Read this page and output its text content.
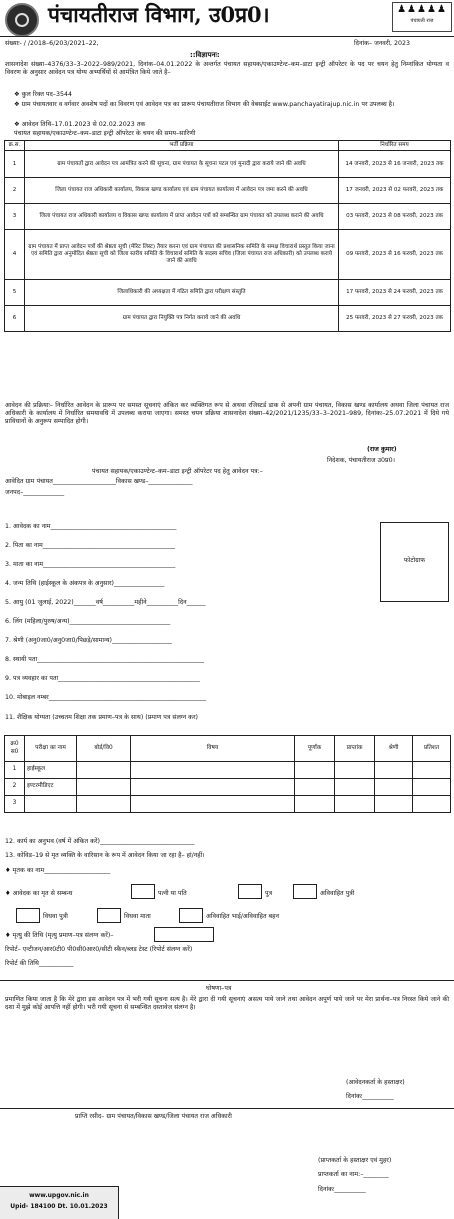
पंचायतीराज विभाग, उ0प्र0।	♟♟♟♟♟
पंचायती राज
संख्याः- / /2018–6/203/2021–22,	दिनांक– जनवरी, 2023
::विज्ञापनः:
शासनादेश संख्या–4376/33–3–2022–989/2021, दिनांक–04.01.2022 के अन्तर्गत पंचायत सहायक/एकाउण्टेन्ट–कम–डाटा इन्ट्री ऑपरेटर के पद पर चयन हेतु निम्नांकित योग्यता व विवरण के अनुसार आवेदन पत्र योग्य अभ्यर्थियों से आमंत्रित किये जाते है–
❖ कुल रिक्त पद–3544
❖ ग्राम पंचायतवार व वर्गवार अवशेष पदों का विवरण एवं आवेदन पत्र का प्रारूप पंचायतीराज विभाग की वेबसाईट www.panchayatirajup.nic.in पर उपलब्ध है।
❖ आवेदन तिथि–17.01.2023 से 02.02.2023 तक
पंचायत सहायक/एकाउण्टेन्ट–कम–डाटा इन्ट्री ऑपरेटर के चयन की समय–सारिणी
क्र.स.	भर्ती प्रक्रिया	निर्धारित समय
1	ग्राम पंचायतों द्वारा आवेदन पत्र आमंत्रित करने की सूचना, ग्राम पंचायत के सूचना पटल एवं मुनादी द्वारा कराये जाने की अवधि	14 जनवरी, 2023 से 16 जनवरी, 2023 तक
2	जिला पंचायत राज अधिकारी कार्यालय, विकास खण्ड कार्यालय एवं ग्राम पंचायत कार्यालय में आवेदन पत्र जमा करने की अवधि	17 जनवरी, 2023 से 02 फरवरी, 2023 तक
3	जिला पंचायत राज अधिकारी कार्यालय व विकास खण्ड कार्यालय में प्राप्त आवेदन पत्रों को सम्बन्धित ग्राम पंचायत को उपलब्ध कराने की अवधि	03 फरवरी, 2023 से 08 फरवरी, 2023 तक
4	ग्राम पंचायत में प्राप्त आवेदन पत्रों की श्रेष्ठता सूची (मेरिट लिस्ट) तैयार करना एवं ग्राम पंचायत की प्रशासनिक समिति के समक्ष विचारार्थ प्रस्तुत किया जाना एवं समिति द्वारा अनुमोदित श्रेष्ठता सूची को जिला स्तरीय समिति के विचारार्थ समिति के सदस्य सचिव (जिला पंचायत राज अधिकारी) को उपलब्ध कराये जाने की अवधि	09 फरवरी, 2023 से 16 फरवरी, 2023 तक
5	जिलाधिकारी की अध्यक्षता में गठित समिति द्वारा परीक्षण संस्तुति	17 फरवरी, 2023 से 24 फरवरी, 2023 तक
6	ग्राम पंचायत द्वारा नियुक्ति पत्र निर्गत कराये जाने की अवधि	25 फरवरी, 2023 से 27 फरवरी, 2023 तक
आवेदन की प्रक्रियाः– निर्धारित आवेदन के प्रारूप पर समस्त सूचनाएं अंकित कर व्यक्तिगत रूप से अथवा रजिस्टर्ड डाक से अपनी ग्राम पंचायत, विकास खण्ड कार्यालय अथवा जिला पंचायत राज अधिकारी के कार्यालय में निर्धारित समयावधि में उपलब्ध कराया जाएगा। समस्त चयन प्रक्रिया शासनादेश संख्या–42/2021/1235/33–3–2021–989, दिनांकः–25.07.2021 में दिये गये प्राविधानों के अनुरूप सम्पादित होगी।
(राज कुमार)
निदेशक, पंचायतीराज उ0प्र0।
पंचायत सहायक/एकाउण्टेन्ट–कम–डाटा इन्ट्री ऑपरेटर पद हेतु आवेदन पत्र:–
आवेदित ग्राम पंचायत____________________विकास खण्ड–______________
जनपद–_____________
फोटोग्राफ
1. आवेदक का नाम________________________________________
2. पिता का नाम__________________________________________
3. माता का नाम__________________________________________
4. जन्म तिथि (हाईस्कूल के अंकपत्र के अनुसार)________________
5. आयु (01 जुलाई, 2022)_______वर्ष__________महीने__________दिन______
6. लिंग (महिला/पुरुष/अन्य)________________________________
7. श्रेणी (अनु0जा0/अनु0जा0/पिछड़े/सामान्य)___________________
8. स्थायी पता_____________________________________________________
9. पत्र व्यवहार का पता_____________________________________________
10. मोबाइल नम्बर__________________________________________________
11. शैक्षिक योग्यता (उच्चतम शिक्षा तक प्रमाण–पत्र के साथ) (प्रमाण पत्र संलग्न कर)
क्र0 स0	परीक्षा का नाम	बोर्ड/वि0	विषय	पूर्णांक	प्राप्तांक	श्रेणी	प्रतिशत
1	हाईस्कूल						
2	इण्टरमीडिएट						
3							
12. कार्य का अनुभव (वर्ष में अंकित करें)______________________________
13. कोविड–19 से मृत व्यक्ति के वारिसान के रूप में आवेदन किया जा रहा है– हां/नहीं।
♦ मृतक का नाम_____________________
♦ आवेदक का मृत से सम्बन्ध	पत्नी या पति	पुत्र	अविवाहित पुत्री
विधवा पुत्री	विधवा माता	अविवाहित भाई/अविवाहित बहन
♦ मृत्यु की तिथि (मृत्यु प्रमाण–पत्र संलग्न करें)–
रिपोर्ट– एन्टीजन/आर0टी0 पी0सी0आर0/सीटी स्कैन/ब्लड टेस्ट (रिपोर्ट संलग्न करें)
रिपोर्ट की तिथि___________
घोषणा–पत्र
प्रमाणित किया जाता है कि मेरे द्वारा इस आवेदन पत्र में भरी गयी सूचना सत्य है। मेरे द्वारा दी गयी सूचनाएं असत्य पाये जाने तथा आवेदन अपूर्ण पाये जाने पर मेरा प्रार्थना–पत्र निरस्त किये जाने की दशा में मुझे कोई आपत्ति नहीं होगी। भरी गयी सूचना से सम्बन्धित दस्तावेज संलग्न है।
(आवेदनकर्ता के हस्ताक्षर)
दिनांकः__________
प्राप्ति रसीद– ग्राम पंचायत/विकास खण्ड/जिला पंचायत राज अधिकारी
(प्राप्तकर्ता के हस्ताक्षर एवं मुहर)
प्राप्तकर्ता का नाम:–________
दिनांकः__________
www.upgov.nic.in
Upid- 184100 Dt. 10.01.2023
